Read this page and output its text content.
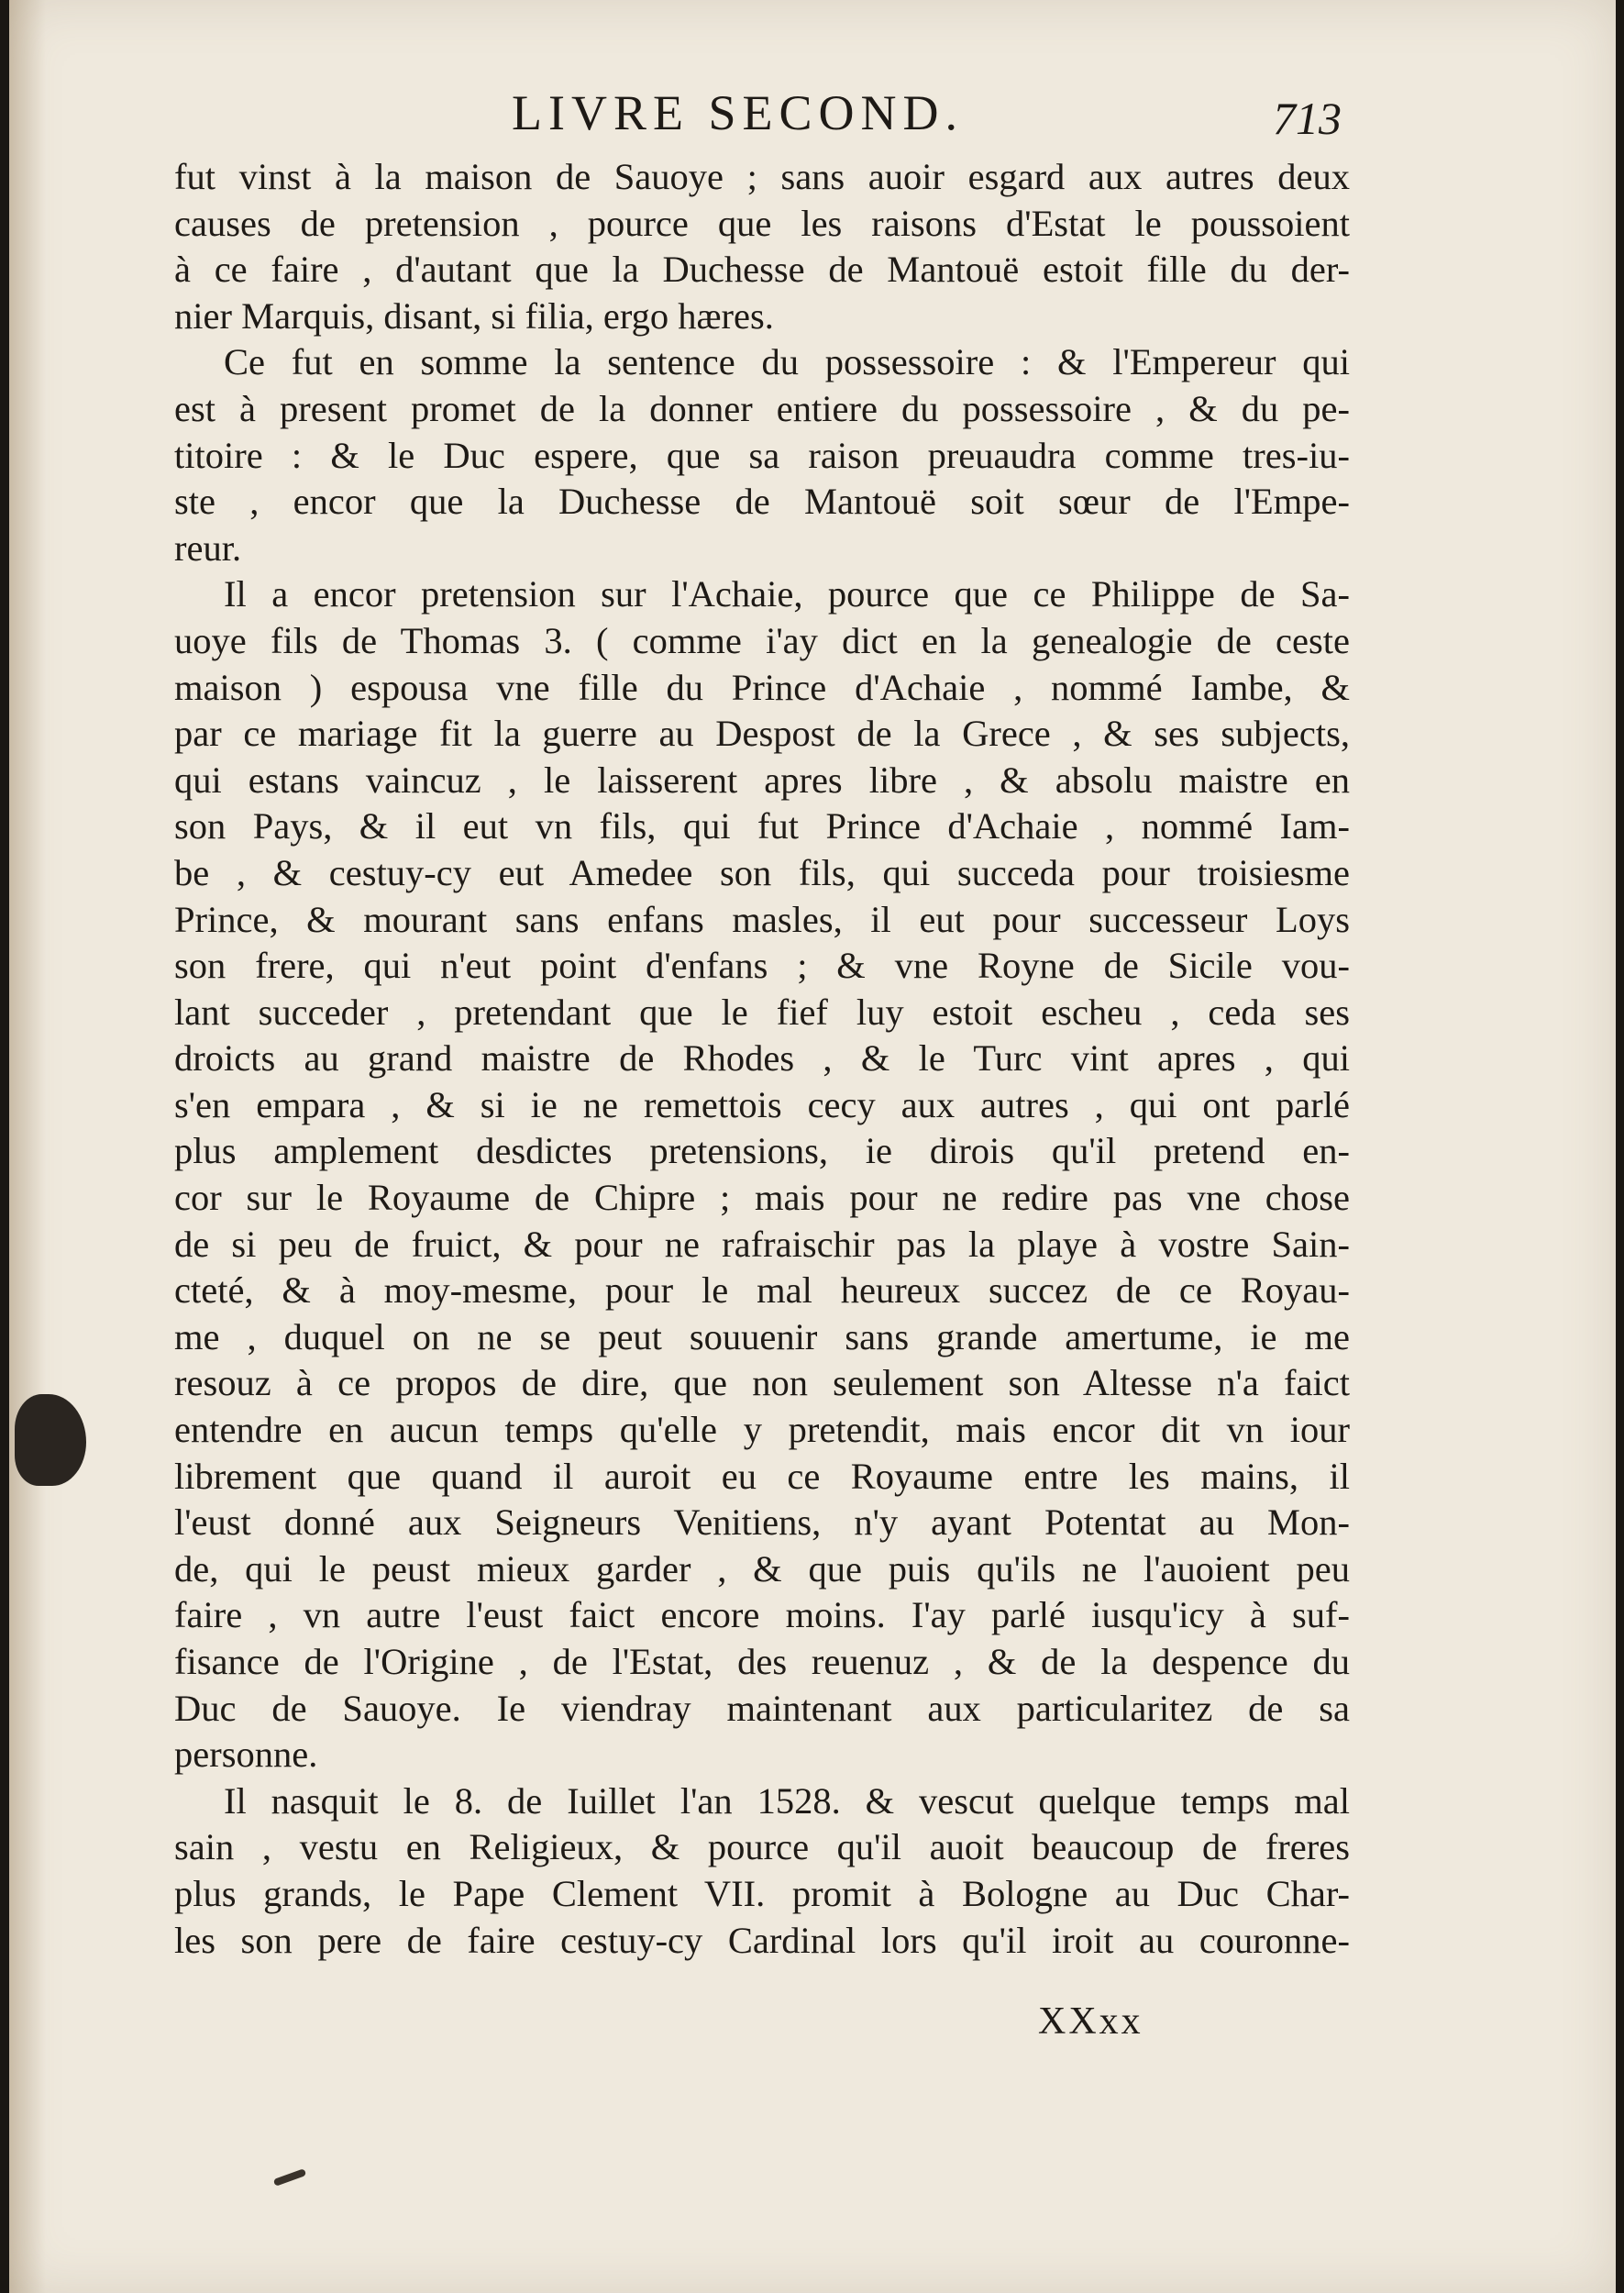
LIVRE SECOND.	713
fut vinst à la maison de Sauoye ; sans auoir esgard aux autres deux
causes de pretension , pource que les raisons d'Estat le poussoient
à ce faire , d'autant que la Duchesse de Mantouë estoit fille du der-
nier Marquis, disant, si filia, ergo hæres.
Ce fut en somme la sentence du possessoire : & l'Empereur qui
est à present promet de la donner entiere du possessoire , & du pe-
titoire : & le Duc espere, que sa raison preuaudra comme tres-iu-
ste , encor que la Duchesse de Mantouë soit sœur de l'Empe-
reur.
Il a encor pretension sur l'Achaie, pource que ce Philippe de Sa-
uoye fils de Thomas 3. ( comme i'ay dict en la genealogie de ceste
maison ) espousa vne fille du Prince d'Achaie , nommé Iambe, &
par ce mariage fit la guerre au Despost de la Grece , & ses subjects,
qui estans vaincuz , le laisserent apres libre , & absolu maistre en
son Pays, & il eut vn fils, qui fut Prince d'Achaie , nommé Iam-
be , & cestuy-cy eut Amedee son fils, qui succeda pour troisiesme
Prince, & mourant sans enfans masles, il eut pour successeur Loys
son frere, qui n'eut point d'enfans ; & vne Royne de Sicile vou-
lant succeder , pretendant que le fief luy estoit escheu , ceda ses
droicts au grand maistre de Rhodes , & le Turc vint apres , qui
s'en empara , & si ie ne remettois cecy aux autres , qui ont parlé
plus amplement desdictes pretensions, ie dirois qu'il pretend en-
cor sur le Royaume de Chipre ; mais pour ne redire pas vne chose
de si peu de fruict, & pour ne rafraischir pas la playe à vostre Sain-
cteté, & à moy-mesme, pour le mal heureux succez de ce Royau-
me , duquel on ne se peut souuenir sans grande amertume, ie me
resouz à ce propos de dire, que non seulement son Altesse n'a faict
entendre en aucun temps qu'elle y pretendit, mais encor dit vn iour
librement que quand il auroit eu ce Royaume entre les mains, il
l'eust donné aux Seigneurs Venitiens, n'y ayant Potentat au Mon-
de, qui le peust mieux garder , & que puis qu'ils ne l'auoient peu
faire , vn autre l'eust faict encore moins. I'ay parlé iusqu'icy à suf-
fisance de l'Origine , de l'Estat, des reuenuz , & de la despence du
Duc de Sauoye. Ie viendray maintenant aux particularitez de sa
personne.
Il nasquit le 8. de Iuillet l'an 1528. & vescut quelque temps mal
sain , vestu en Religieux, & pource qu'il auoit beaucoup de freres
plus grands, le Pape Clement VII. promit à Bologne au Duc Char-
les son pere de faire cestuy-cy Cardinal lors qu'il iroit au couronne-
XXxx
